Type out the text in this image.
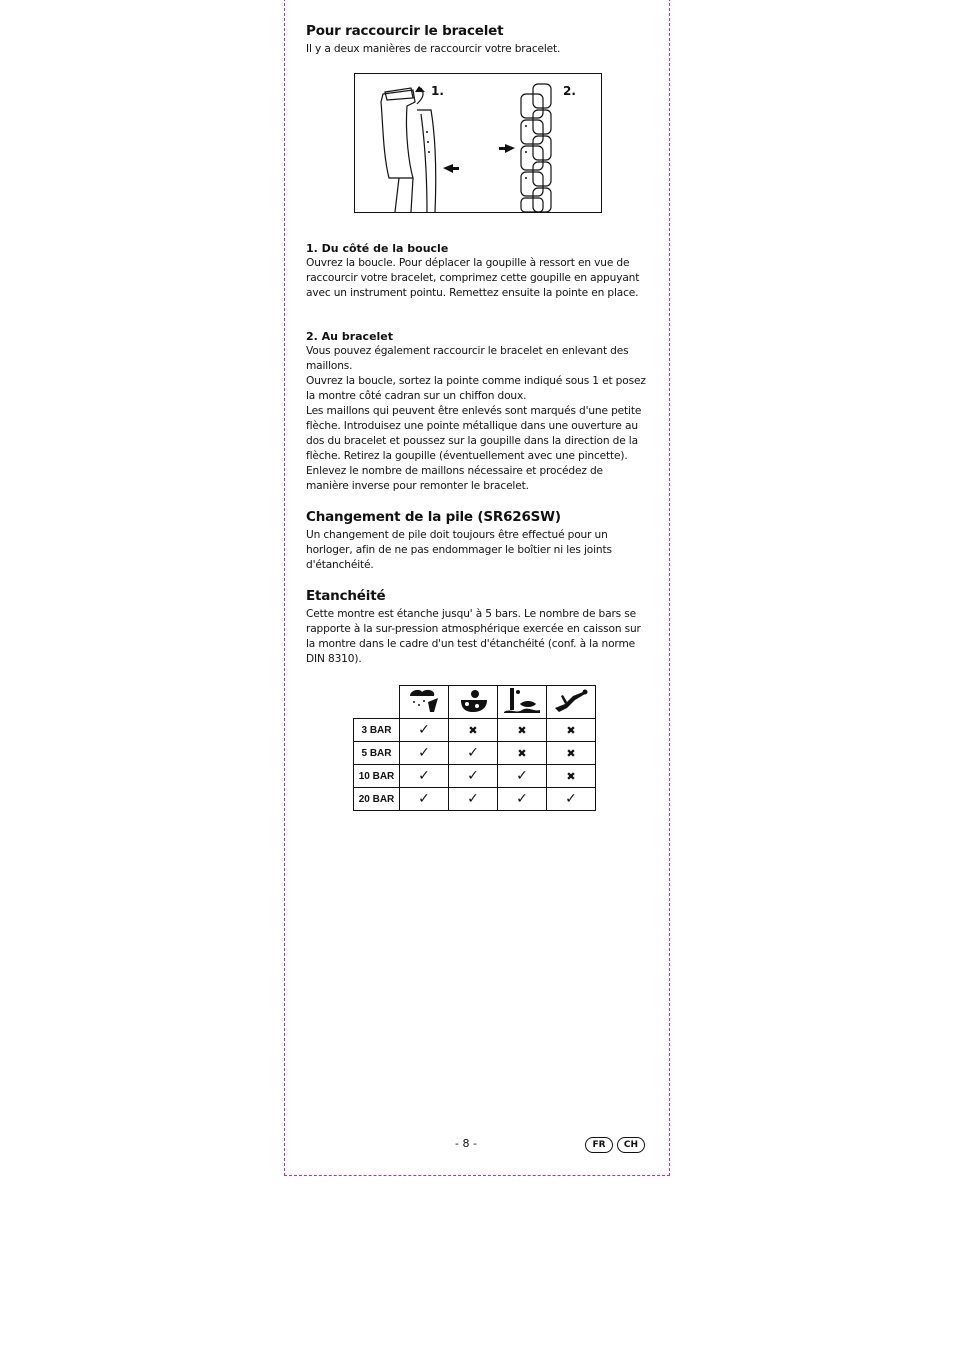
Pour raccourcir le bracelet

Il y a deux manières de raccourcir votre bracelet.

1.	2.
1. Du côté de la boucle

Ouvrez la boucle. Pour déplacer la goupille à ressort en vue de raccourcir votre bracelet, comprimez cette goupille en appuyant avec un instrument pointu. Remettez ensuite la pointe en place.

2. Au bracelet

Vous pouvez également raccourcir le bracelet en enlevant des maillons.

Ouvrez la boucle, sortez la pointe comme indiqué sous 1 et posez la montre côté cadran sur un chiffon doux.

Les maillons qui peuvent être enlevés sont marqués d'une petite flèche. Introduisez une pointe métallique dans une ouverture au dos du bracelet et poussez sur la goupille dans la direction de la flèche. Retirez la goupille (éventuellement avec une pincette).

Enlevez le nombre de maillons nécessaire et procédez de manière inverse pour remonter le bracelet.

Changement de la pile (SR626SW)

Un changement de pile doit toujours être effectué pour un horloger, afin de ne pas endommager le boîtier ni les joints d'étanchéité.

Etanchéité

Cette montre est étanche jusqu' à 5 bars. Le nombre de bars se rapporte à la sur-pression atmosphérique exercée en caisson sur la montre dans le cadre d'un test d'étanchéité (conf. à la norme DIN 8310).

3 BAR	✓	✖	✖	✖
5 BAR	✓	✓	✖	✖
10 BAR	✓	✓	✓	✖
20 BAR	✓	✓	✓	✓
- 8 -	FR	CH
